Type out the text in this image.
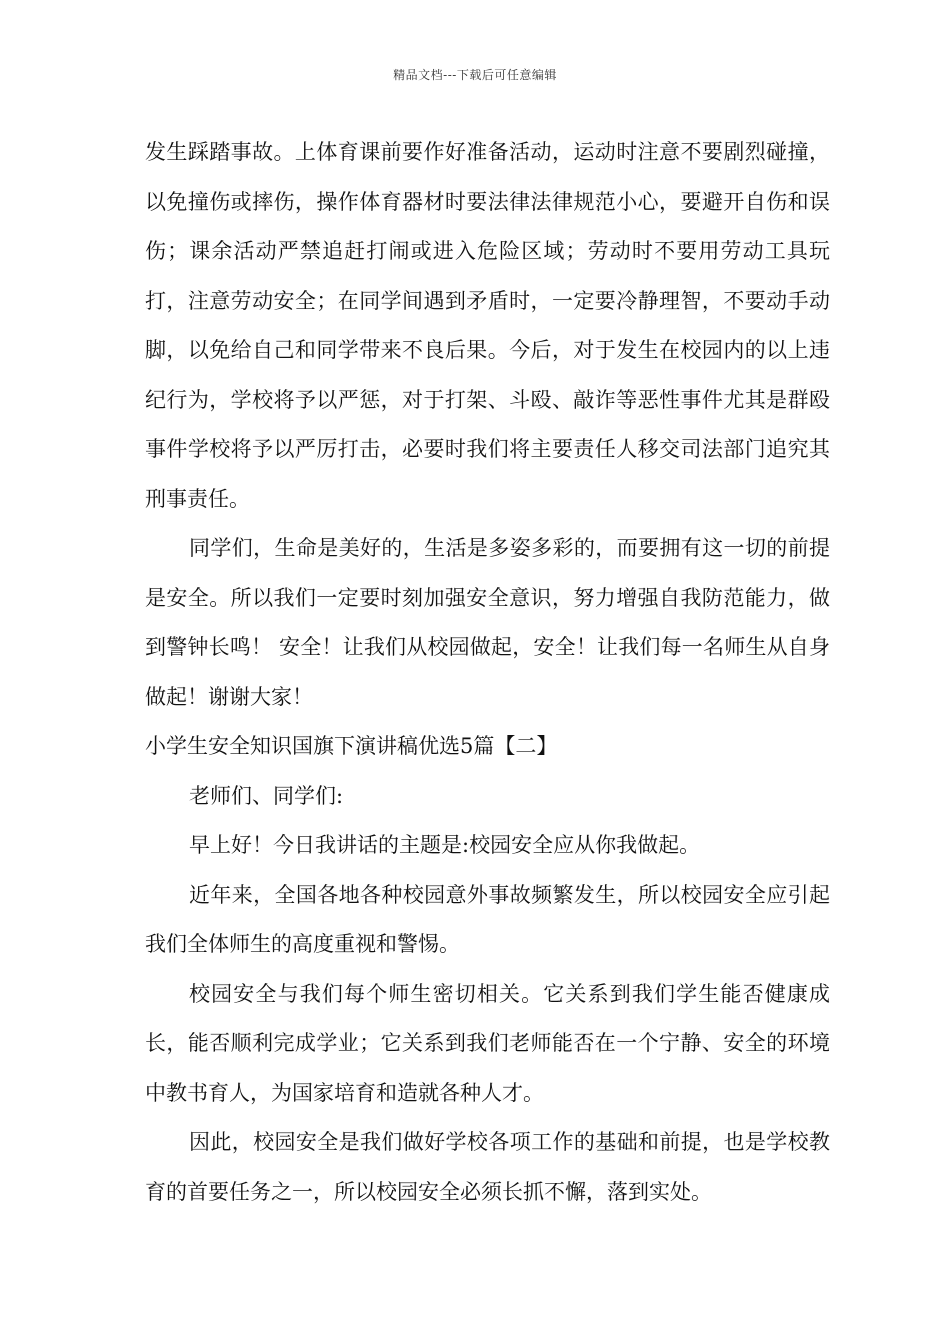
精品文档---下载后可任意编辑

发生踩踏事故。上体育课前要作好准备活动，运动时注意不要剧烈碰撞，以免撞伤或摔伤，操作体育器材时要法律法律规范小心，要避开自伤和误伤；课余活动严禁追赶打闹或进入危险区域；劳动时不要用劳动工具玩打，注意劳动安全；在同学间遇到矛盾时，一定要冷静理智，不要动手动脚，以免给自己和同学带来不良后果。今后，对于发生在校园内的以上违纪行为，学校将予以严惩，对于打架、斗殴、敲诈等恶性事件尤其是群殴事件学校将予以严厉打击，必要时我们将主要责任人移交司法部门追究其刑事责任。

同学们，生命是美好的，生活是多姿多彩的，而要拥有这一切的前提是安全。所以我们一定要时刻加强安全意识，努力增强自我防范能力，做到警钟长鸣！ 安全！让我们从校园做起，安全！让我们每一名师生从自身做起！谢谢大家！

小学生安全知识国旗下演讲稿优选5篇【二】

老师们、同学们:

早上好！今日我讲话的主题是:校园安全应从你我做起。

近年来，全国各地各种校园意外事故频繁发生，所以校园安全应引起我们全体师生的高度重视和警惕。

校园安全与我们每个师生密切相关。它关系到我们学生能否健康成长，能否顺利完成学业；它关系到我们老师能否在一个宁静、安全的环境中教书育人，为国家培育和造就各种人才。

因此，校园安全是我们做好学校各项工作的基础和前提，也是学校教育的首要任务之一，所以校园安全必须长抓不懈，落到实处。
